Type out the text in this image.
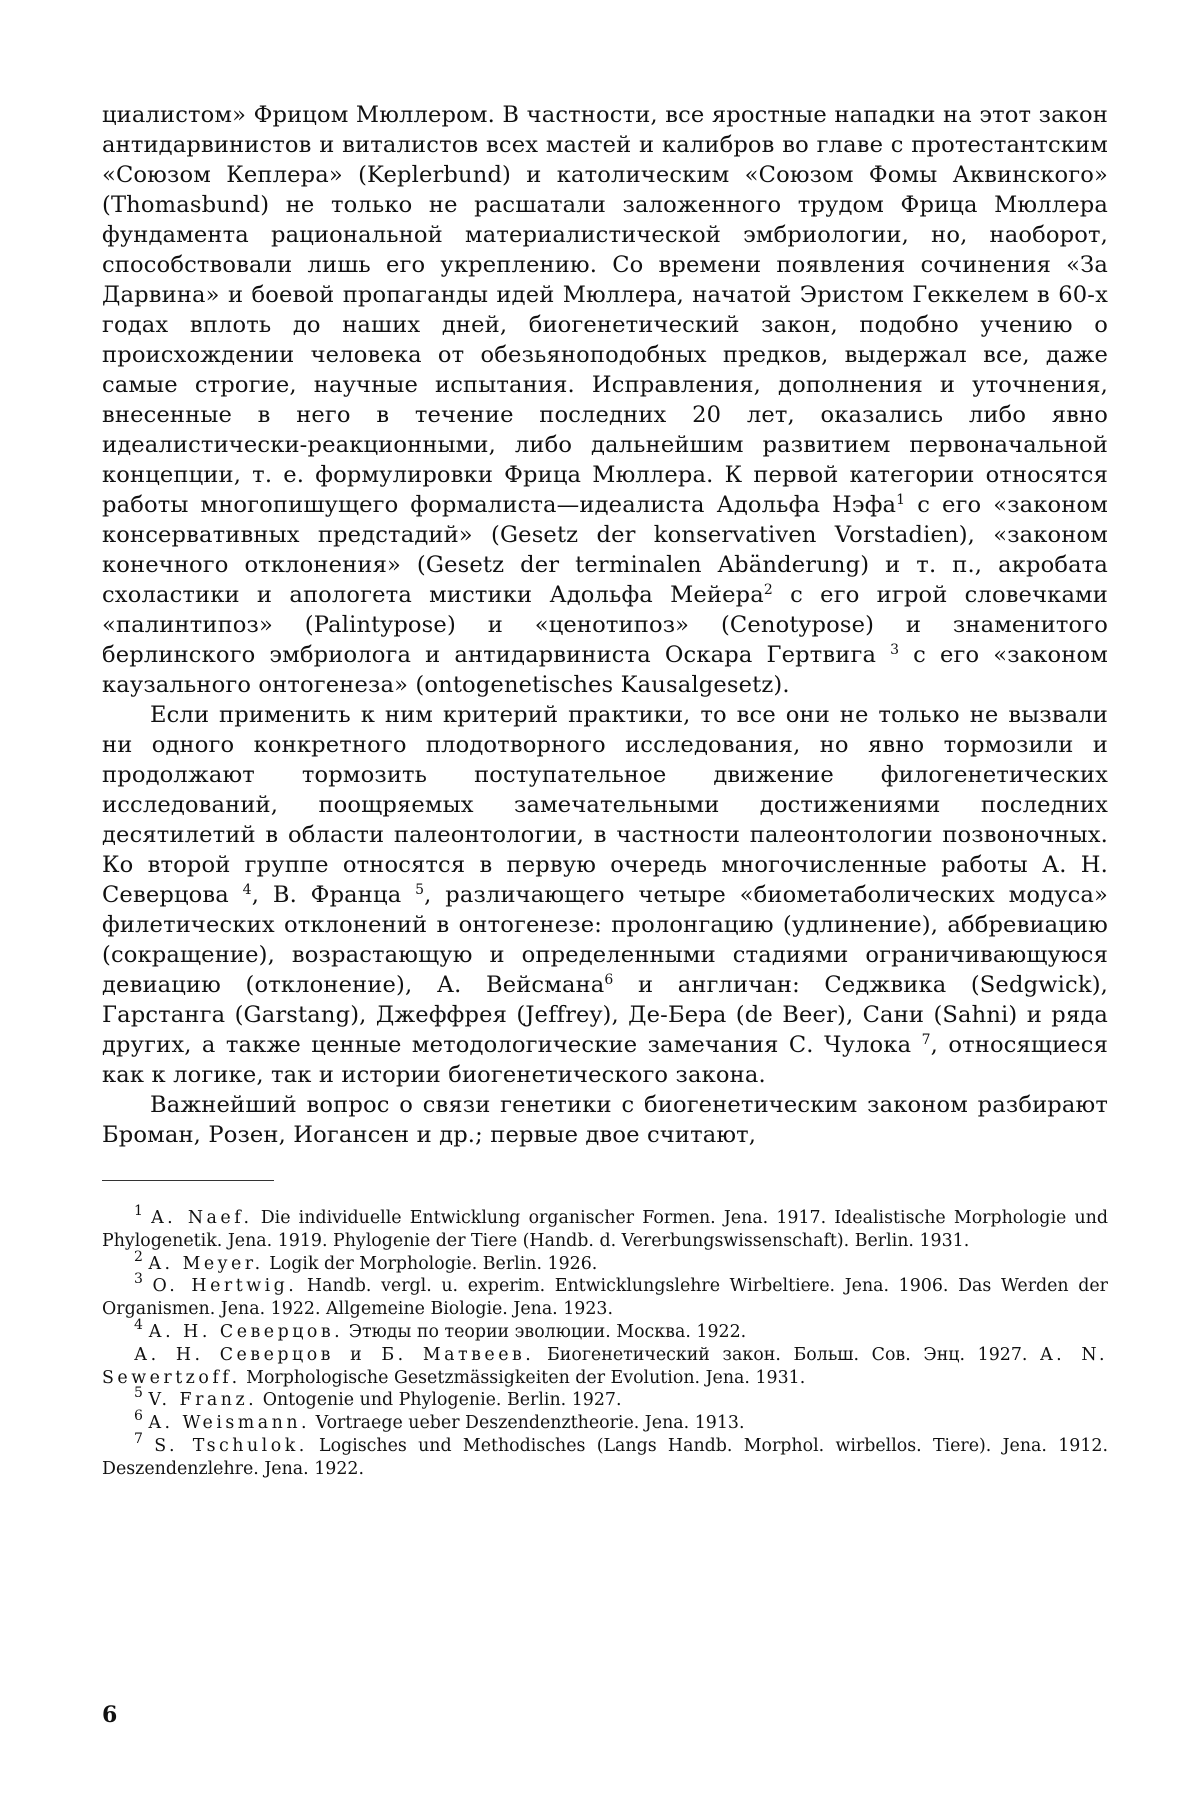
циалистом» Фрицом Мюллером. В частности, все яростные нападки на этот закон антидарвинистов и виталистов всех мастей и калибров во главе с протестантским «Союзом Кеплера» (Keplerbund) и католическим «Союзом Фомы Аквинского» (Thomasbund) не только не расшатали заложенного трудом Фрица Мюллера фундамента рациональной материалистической эмбриологии, но, наоборот, способствовали лишь его укреплению. Со времени появления сочинения «За Дарвина» и боевой пропаганды идей Мюллера, начатой Эристом Геккелем в 60-х годах вплоть до наших дней, биогенетический закон, подобно учению о происхождении человека от обезьяноподобных предков, выдержал все, даже самые строгие, научные испытания. Исправления, дополнения и уточнения, внесенные в него в течение последних 20 лет, оказались либо явно идеалистически-реакционными, либо дальнейшим развитием первоначальной концепции, т. е. формулировки Фрица Мюллера. К первой категории относятся работы многопишущего формалиста—идеалиста Адольфа Нэфа$^1$ с его «законом консервативных предстадий» (Gesetz der konservativen Vorstadien), «законом конечного отклонения» (Gesetz der terminalen Abänderung) и т. п., акробата схоластики и апологета мистики Адольфа Мейера$^2$ с его игрой словечками «палинтипоз» (Palintypose) и «ценотипоз» (Cenotypose) и знаменитого берлинского эмбриолога и антидарвиниста Оскара Гертвига $^3$ с его «законом каузального онтогенеза» (ontogenetisches Kausalgesetz).

Если применить к ним критерий практики, то все они не только не вызвали ни одного конкретного плодотворного исследования, но явно тормозили и продолжают тормозить поступательное движение филогенетических исследований, поощряемых замечательными достижениями последних десятилетий в области палеонтологии, в частности палеонтологии позвоночных. Ко второй группе относятся в первую очередь многочисленные работы А. Н. Северцова $^4$, В. Франца $^5$, различающего четыре «биометаболических модуса» филетических отклонений в онтогенезе: пролонгацию (удлинение), аббревиацию (сокращение), возрастающую и определенными стадиями ограничивающуюся девиацию (отклонение), А. Вейсмана$^6$ и англичан: Седжвика (Sedgwick), Гарстанга (Garstang), Джеффрея (Jeffrey), Де-Бера (de Beer), Сани (Sahni) и ряда других, а также ценные методологические замечания С. Чулока $^7$, относящиеся как к логике, так и истории биогенетического закона.

Важнейший вопрос о связи генетики с биогенетическим законом разбирают Броман, Розен, Иогансен и др.; первые двое считают,

$^1$ A. Naef. Die individuelle Entwicklung organischer Formen. Jena. 1917. Idealistische Morphologie und Phylogenetik. Jena. 1919. Phylogenie der Tiere (Handb. d. Vererbungswissenschaft). Berlin. 1931.

$^2$ A. Meyer. Logik der Morphologie. Berlin. 1926.

$^3$ O. Hertwig. Handb. vergl. u. experim. Entwicklungslehre Wirbeltiere. Jena. 1906. Das Werden der Organismen. Jena. 1922. Allgemeine Biologie. Jena. 1923.

$^4$ А. Н. Северцов. Этюды по теории эволюции. Москва. 1922.

А. Н. Северцов и Б. Матвеев. Биогенетический закон. Больш. Сов. Энц. 1927. A. N. Sewertzoff. Morphologische Gesetzmässigkeiten der Evolution. Jena. 1931.

$^5$ V. Franz. Ontogenie und Phylogenie. Berlin. 1927.

$^6$ A. Weismann. Vortraege ueber Deszendenztheorie. Jena. 1913.

$^7$ S. Tschulok. Logisches und Methodisches (Langs Handb. Morphol. wirbellos. Tiere). Jena. 1912. Deszendenzlehre. Jena. 1922.

6
